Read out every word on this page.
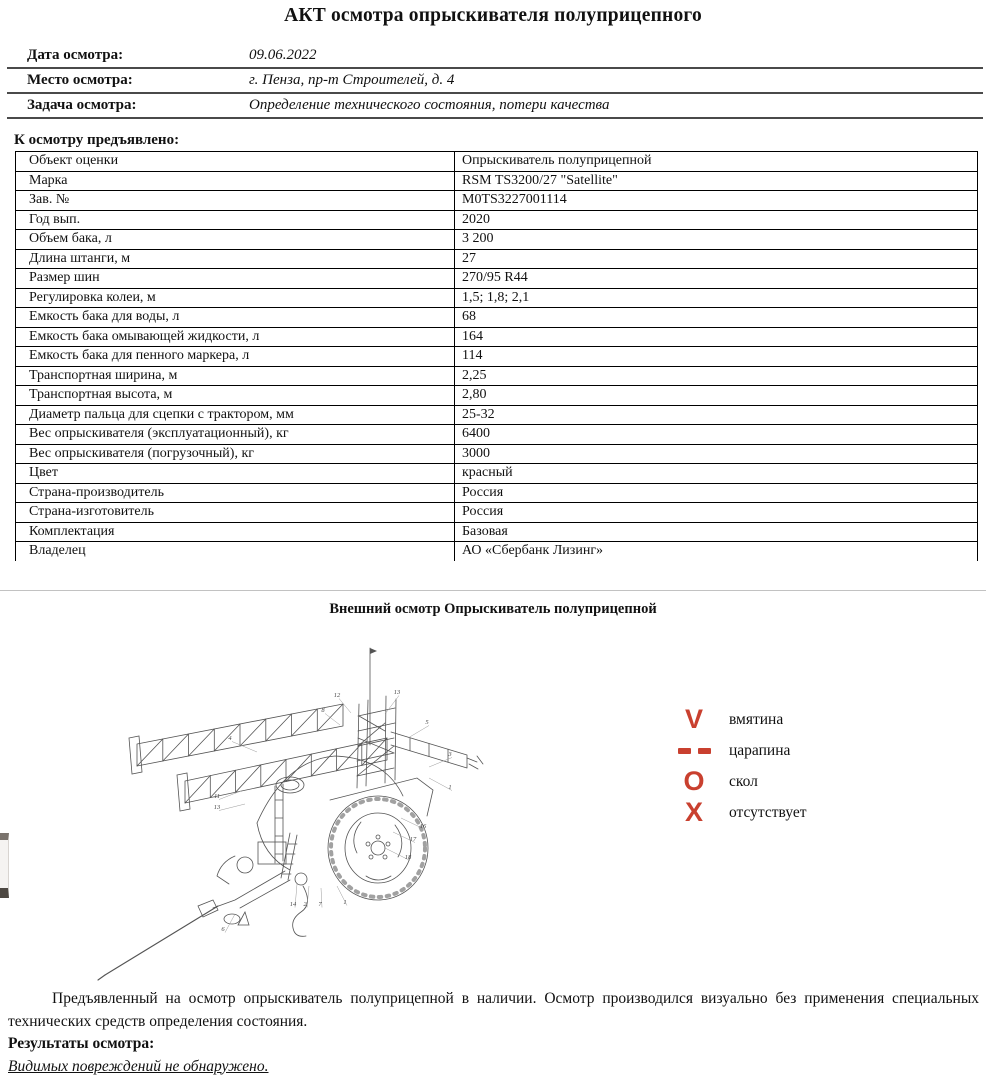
АКТ осмотра опрыскивателя полуприцепного
Дата осмотра:	09.06.2022
Место осмотра:	г. Пенза, пр-т Строителей, д. 4
Задача осмотра:	Определение технического состояния, потери качества
К осмотру предъявлено:
Объект оценки	Опрыскиватель полуприцепной
Марка	RSM TS3200/27 "Satellite"
Зав. №	M0TS3227001114
Год вып.	2020
Объем бака, л	3 200
Длина штанги, м	27
Размер шин	270/95 R44
Регулировка колеи, м	1,5; 1,8; 2,1
Емкость бака для воды, л	68
Емкость бака омывающей жидкости, л	164
Емкость бака для пенного маркера, л	114
Транспортная ширина, м	2,25
Транспортная высота, м	2,80
Диаметр пальца для сцепки с трактором, мм	25-32
Вес опрыскивателя (эксплуатационный), кг	6400
Вес опрыскивателя (погрузочный), кг	3000
Цвет	красный
Страна-производитель	Россия
Страна-изготовитель	Россия
Комплектация	Базовая
Владелец	АО «Сбербанк Лизинг»
Внешний осмотр Опрыскиватель полуприцепной
4
8
12	13
5
3
1
11
13
16
17
18
14 2 7	1
6
V	вмятина
царапина
O	скол
X	отсутствует

Предъявленный на осмотр опрыскиватель полуприцепной в наличии. Осмотр производился визуально без применения специальных технических средств определения состояния.

Результаты осмотра:
Видимых повреждений не обнаружено.
